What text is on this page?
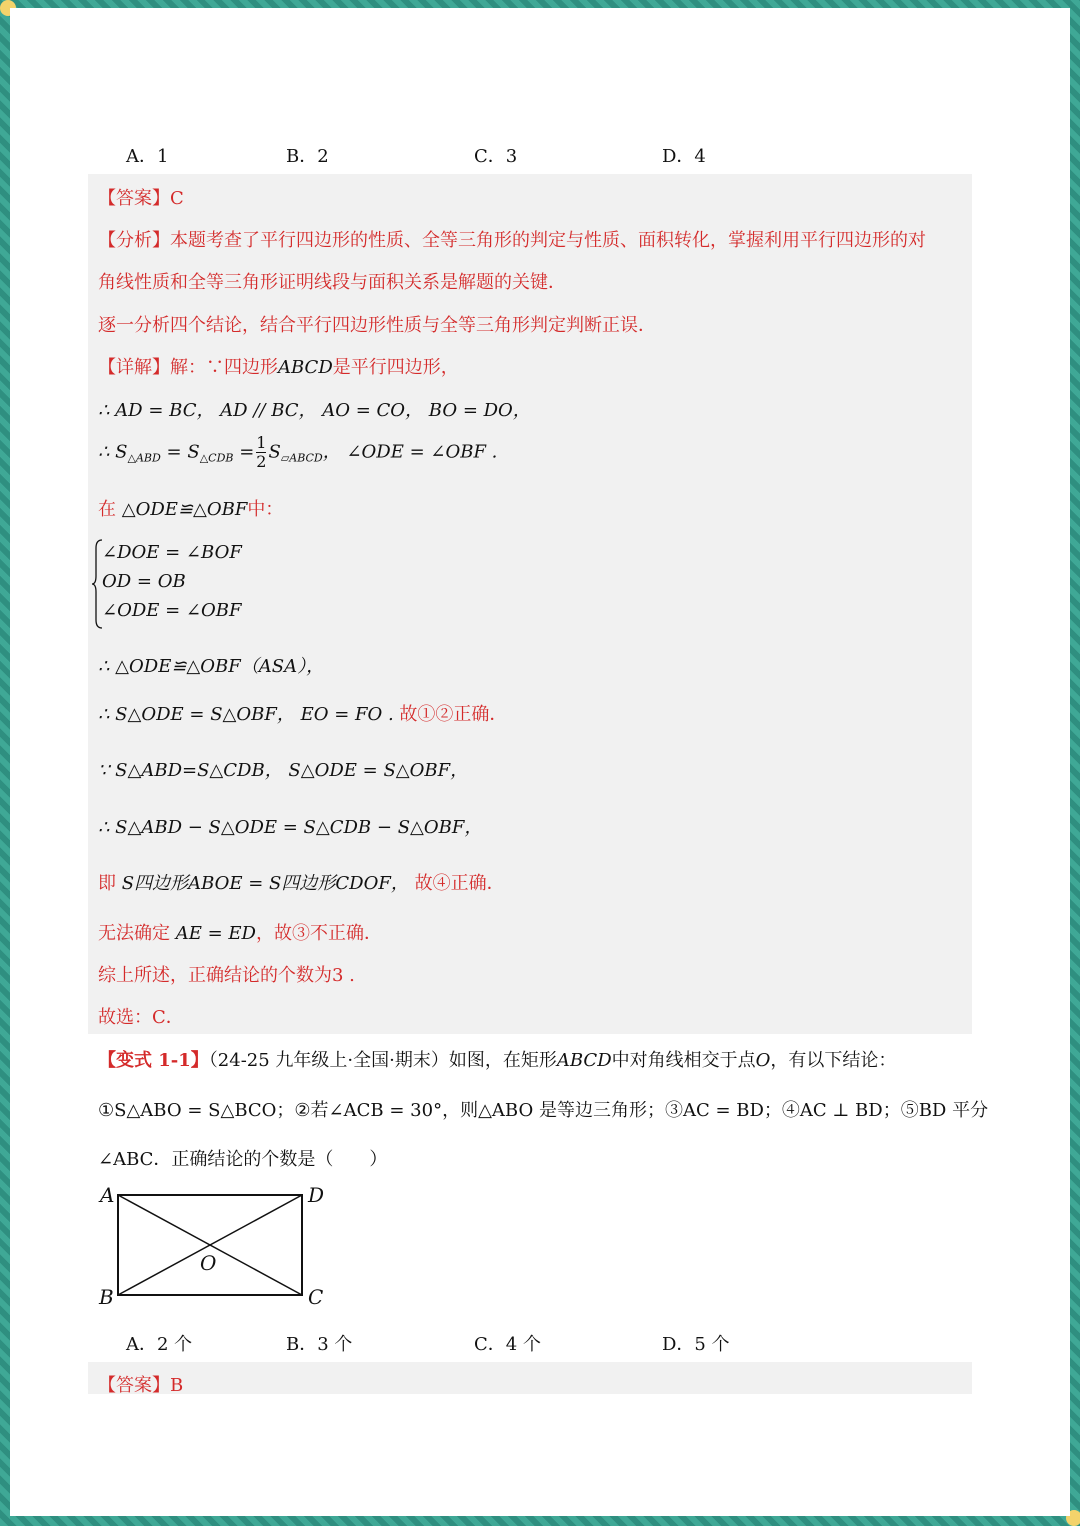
A．1	B．2	C．3	D．4
【答案】C
【分析】本题考查了平行四边形的性质、全等三角形的判定与性质、面积转化，掌握利用平行四边形的对
角线性质和全等三角形证明线段与面积关系是解题的关键．
逐一分析四个结论，结合平行四边形性质与全等三角形判定判断正误．
【详解】解：∵四边形ABCD是平行四边形，
∴ AD = BC， AD // BC， AO = CO， BO = DO，
∴ $S_{\triangle ABD} = S_{\triangle CDB} = \frac{1}{2} S_{▱ABCD}$， ∠ODE = ∠OBF .
在 △ODE≌△OBF中：
∠DOE = ∠BOF
OD = OB
∠ODE = ∠OBF
∴ △ODE≌△OBF（ASA），
∴ S△ODE = S△OBF， EO = FO . 故①②正确．
∵ S△ABD=S△CDB， S△ODE = S△OBF，
∴ S△ABD − S△ODE = S△CDB − S△OBF，
即 S四边形ABOE = S四边形CDOF， 故④正确．
无法确定 AE = ED，故③不正确．
综上所述，正确结论的个数为3 .
故选：C．
【变式 1-1】（24-25 九年级上·全国·期末）如图，在矩形ABCD中对角线相交于点O，有以下结论：
①S△ABO = S△BCO；②若∠ACB = 30°，则△ABO 是等边三角形；③AC = BD；④AC ⊥ BD；⑤BD 平分
∠ABC．正确结论的个数是（　　）
A	D
B	C
O
A．2 个	B．3 个	C．4 个	D．5 个
【答案】B
